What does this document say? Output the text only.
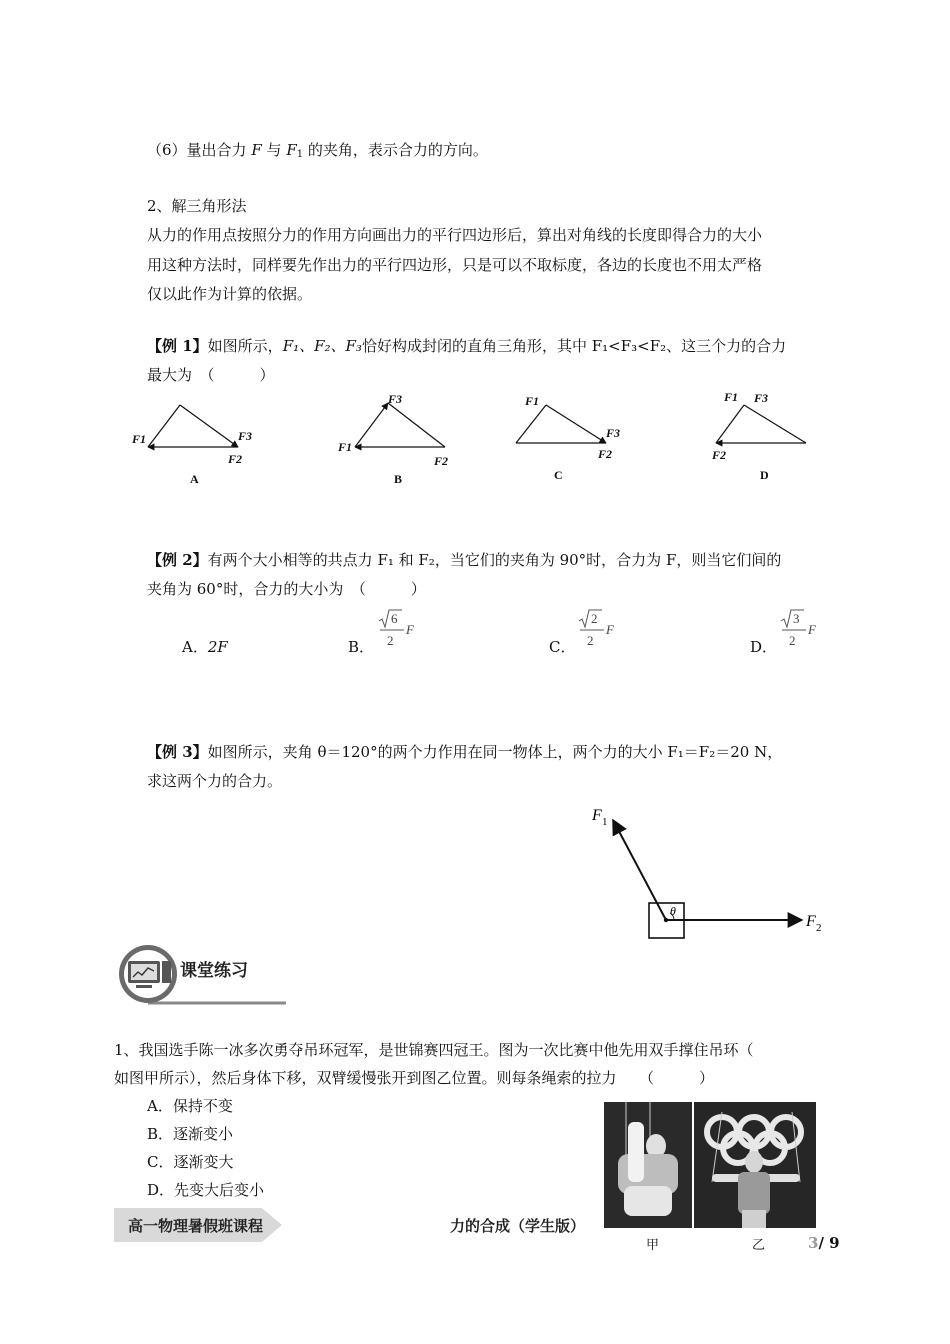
（6）量出合力 F 与 $F_1$ 的夹角，表示合力的方向。
2、解三角形法
从力的作用点按照分力的作用方向画出力的平行四边形后，算出对角线的长度即得合力的大小
用这种方法时，同样要先作出力的平行四边形，只是可以不取标度，各边的长度也不用太严格
仅以此作为计算的依据。
【例 1】如图所示，F₁、F₂、F₃恰好构成封闭的直角三角形，其中 F₁<F₃<F₂、这三个力的合力
最大为　（　　　）
F1	F3
F2
A
F3
F1
F2
B
F1
F3
F2
C
F1 F3
F2
D
【例 2】有两个大小相等的共点力 F₁ 和 F₂，当它们的夹角为 90°时，合力为 F，则当它们间的
夹角为 60°时，合力的大小为　（　　　）
A．2F	B．
6
2
F
C．
2
2
F
D．
3
2
F
【例 3】如图所示，夹角 θ＝120°的两个力作用在同一物体上，两个力的大小 F₁＝F₂＝20 N，
求这两个力的合力。
θ
F 1
F 2
课堂练习
1、我国选手陈一冰多次勇夺吊环冠军，是世锦赛四冠王。图为一次比赛中他先用双手撑住吊环（
如图甲所示），然后身体下移，双臂缓慢张开到图乙位置。则每条绳索的拉力　　（　　　）
A．保持不变
B．逐渐变小
C．逐渐变大
D．先变大后变小
甲	乙
高一物理暑假班课程	力的合成（学生版）
3/ 9
